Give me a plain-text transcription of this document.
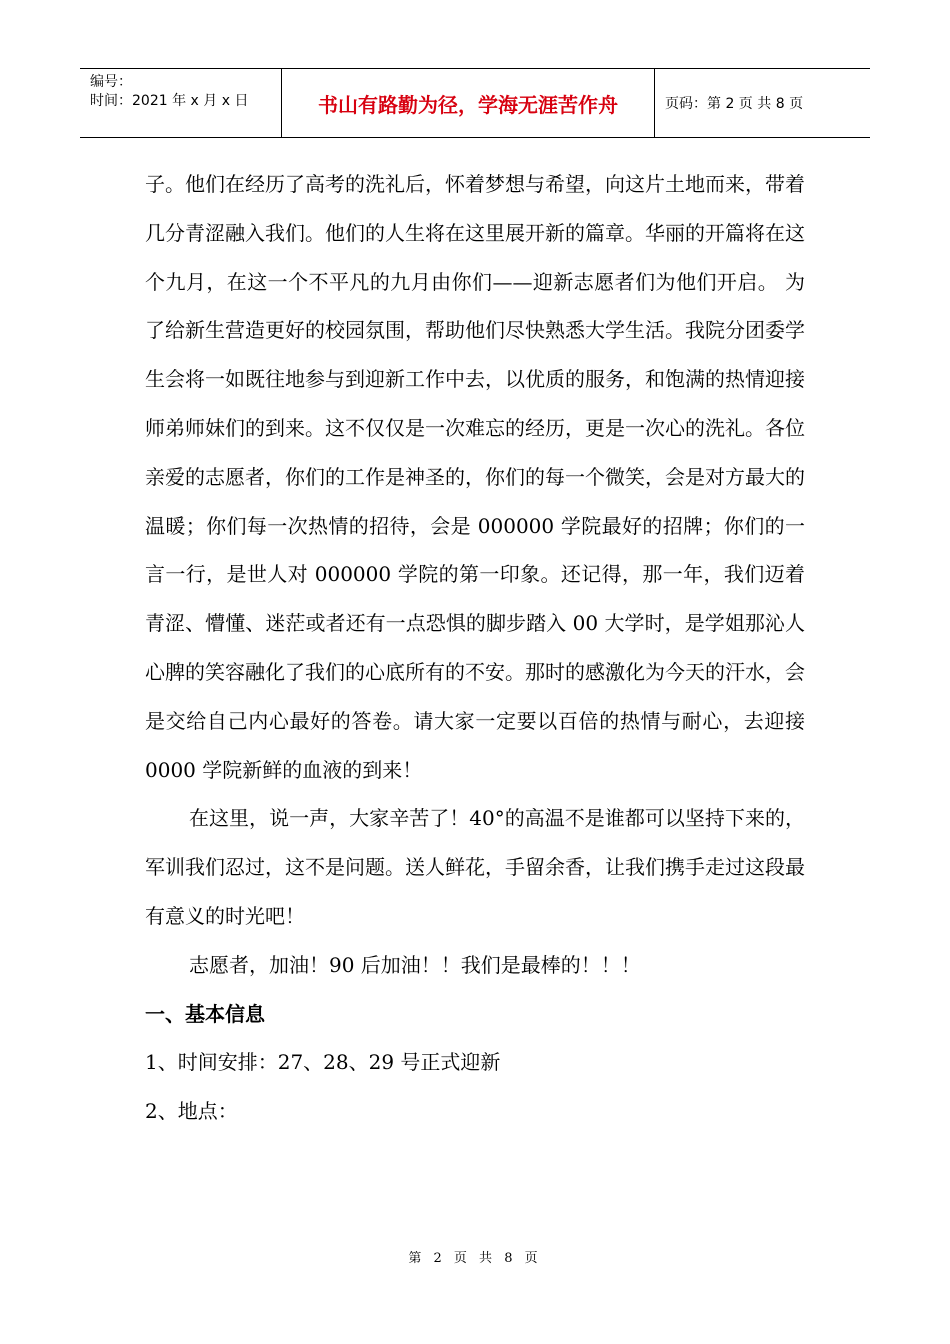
编号：
时间：2021 年 x 月 x 日	书山有路勤为径，学海无涯苦作舟	页码：第 2 页 共 8 页

子。他们在经历了高考的洗礼后，怀着梦想与希望，向这片土地而来，带着几分青涩融入我们。他们的人生将在这里展开新的篇章。华丽的开篇将在这个九月，在这一个不平凡的九月由你们——迎新志愿者们为他们开启。 为了给新生营造更好的校园氛围，帮助他们尽快熟悉大学生活。我院分团委学生会将一如既往地参与到迎新工作中去，以优质的服务，和饱满的热情迎接师弟师妹们的到来。这不仅仅是一次难忘的经历，更是一次心的洗礼。各位亲爱的志愿者，你们的工作是神圣的，你们的每一个微笑，会是对方最大的温暖；你们每一次热情的招待，会是 000000 学院最好的招牌；你们的一言一行，是世人对 000000 学院的第一印象。还记得，那一年，我们迈着青涩、懵懂、迷茫或者还有一点恐惧的脚步踏入 00 大学时，是学姐那沁人心脾的笑容融化了我们的心底所有的不安。那时的感激化为今天的汗水，会是交给自己内心最好的答卷。请大家一定要以百倍的热情与耐心，去迎接 0000 学院新鲜的血液的到来！

在这里，说一声，大家辛苦了！40°的高温不是谁都可以坚持下来的，军训我们忍过，这不是问题。送人鲜花，手留余香，让我们携手走过这段最有意义的时光吧！

志愿者，加油！90 后加油！！我们是最棒的！！！

一、基本信息

1、时间安排：27、28、29 号正式迎新

2、地点：

第 2 页 共 8 页
